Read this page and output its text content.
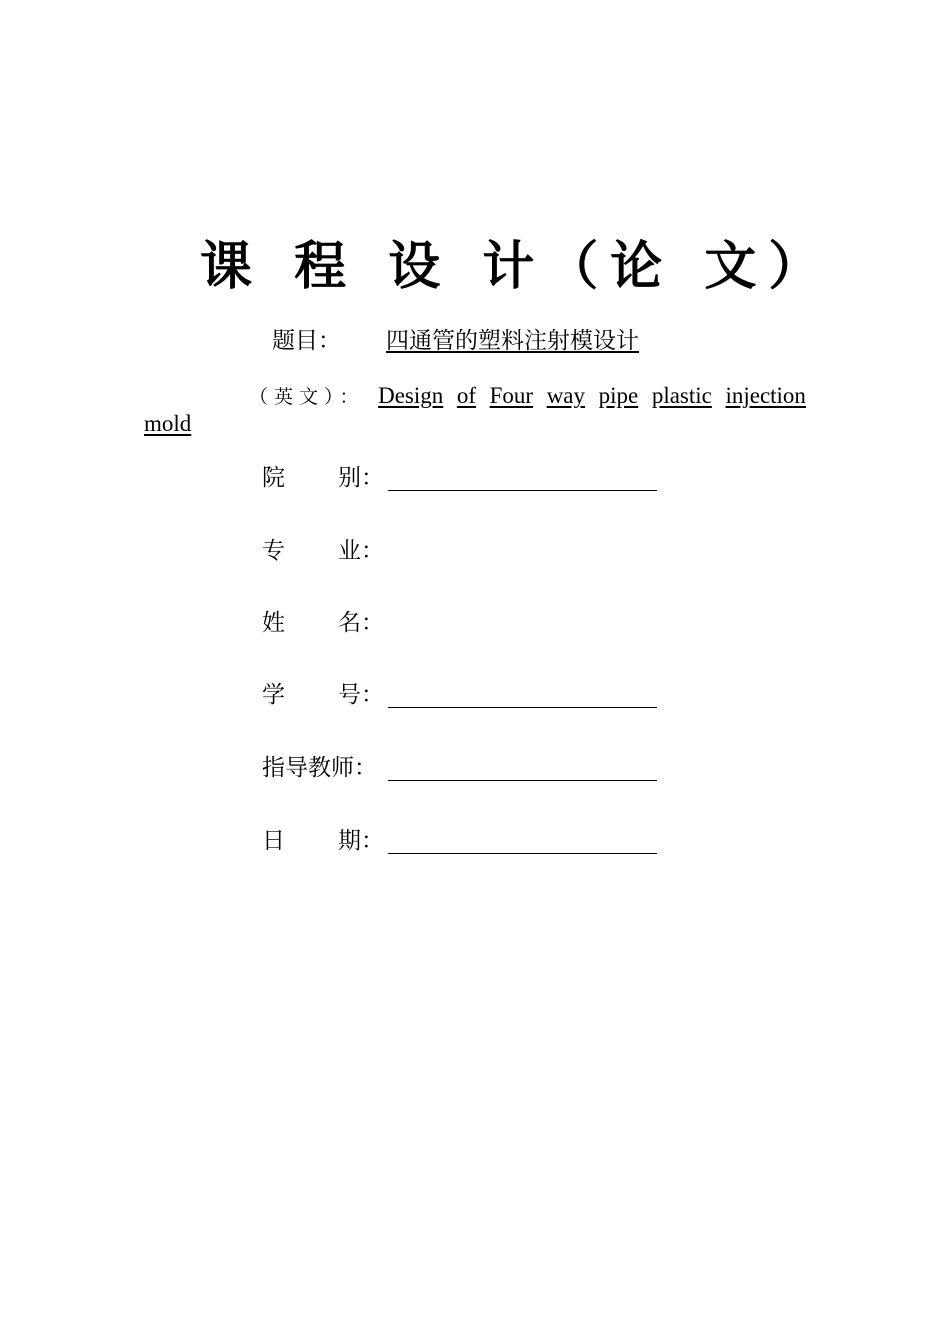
课 程 设 计（论 文）
题目： 四通管的塑料注射模设计
（英文）： Design of Four way pipe plastic injection
mold
院 别：
专 业：
姓 名：
学 号：
指导教师：
日 期：
